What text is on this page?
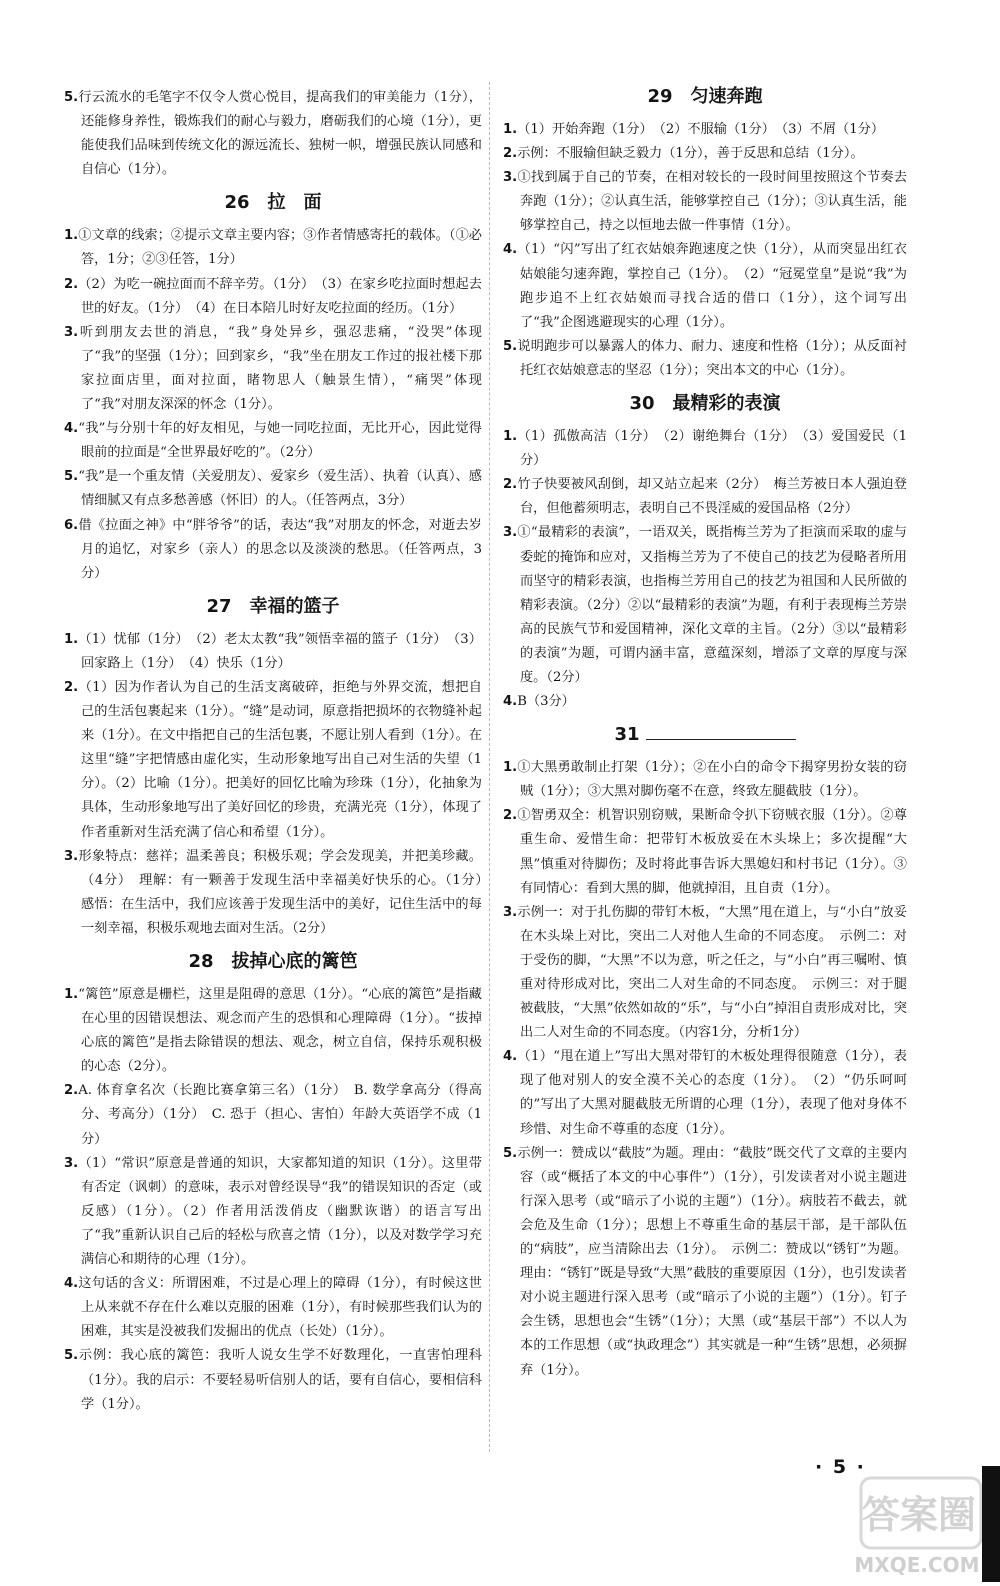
5.行云流水的毛笔字不仅令人赏心悦目，提高我们的审美能力（1分），还能修身养性，锻炼我们的耐心与毅力，磨砺我们的心境（1分），更能使我们品味到传统文化的源远流长、独树一帜，增强民族认同感和自信心（1分）。
26 拉　面
1.①文章的线索；②提示文章主要内容；③作者情感寄托的载体。（①必答，1分；②③任答，1分）
2.（2）为吃一碗拉面而不辞辛劳。（1分）　（3）在家乡吃拉面时想起去世的好友。（1分）　（4）在日本陪儿时好友吃拉面的经历。（1分）
3.听到朋友去世的消息，“我”身处异乡，强忍悲痛，“没哭”体现了“我”的坚强（1分）；回到家乡，“我”坐在朋友工作过的报社楼下那家拉面店里，面对拉面，睹物思人（触景生情），“痛哭”体现了“我”对朋友深深的怀念（1分）。
4.“我”与分别十年的好友相见，与她一同吃拉面，无比开心，因此觉得眼前的拉面是“全世界最好吃的”。（2分）
5.“我”是一个重友情（关爱朋友）、爱家乡（爱生活）、执着（认真）、感情细腻又有点多愁善感（怀旧）的人。（任答两点，3分）
6.借《拉面之神》中“胖爷爷”的话，表达“我”对朋友的怀念，对逝去岁月的追忆，对家乡（亲人）的思念以及淡淡的愁思。（任答两点，3分）
27 幸福的篮子
1.（1）忧郁（1分）　（2）老太太教“我”领悟幸福的篮子（1分）　（3）回家路上（1分）　（4）快乐（1分）
2.（1）因为作者认为自己的生活支离破碎，拒绝与外界交流，想把自己的生活包裹起来（1分）。“缝”是动词，原意指把损坏的衣物缝补起来（1分）。在文中指把自己的生活包裹，不愿让别人看到（1分）。在这里“缝”字把情感由虚化实，生动形象地写出自己对生活的失望（1分）。（2）比喻（1分）。把美好的回忆比喻为珍珠（1分），化抽象为具体，生动形象地写出了美好回忆的珍贵，充满光亮（1分），体现了作者重新对生活充满了信心和希望（1分）。
3.形象特点：慈祥；温柔善良；积极乐观；学会发现美，并把美珍藏。（4分）　理解：有一颗善于发现生活中幸福美好快乐的心。（1分）　感悟：在生活中，我们应该善于发现生活中的美好，记住生活中的每一刻幸福，积极乐观地去面对生活。（2分）
28 拔掉心底的篱笆
1.“篱笆”原意是栅栏，这里是阻碍的意思（1分）。“心底的篱笆”是指藏在心里的因错误想法、观念而产生的恐惧和心理障碍（1分）。“拔掉心底的篱笆”是指去除错误的想法、观念，树立自信，保持乐观积极的心态（2分）。
2.A. 体育拿名次（长跑比赛拿第三名）（1分）　B. 数学拿高分（得高分、考高分）（1分）　C. 恐于（担心、害怕）年龄大英语学不成（1分）
3.（1）“常识”原意是普通的知识，大家都知道的知识（1分）。这里带有否定（讽刺）的意味，表示对曾经误导“我”的错误知识的否定（或反感）（1分）。（2）作者用活泼俏皮（幽默诙谐）的语言写出了“我”重新认识自己后的轻松与欣喜之情（1分），以及对数学学习充满信心和期待的心理（1分）。
4.这句话的含义：所谓困难，不过是心理上的障碍（1分），有时候这世上从来就不存在什么难以克服的困难（1分），有时候那些我们认为的困难，其实是没被我们发掘出的优点（长处）（1分）。
5.示例：我心底的篱笆：我听人说女生学不好数理化，一直害怕理科（1分）。我的启示：不要轻易听信别人的话，要有自信心，要相信科学（1分）。
29 匀速奔跑
1.（1）开始奔跑（1分）　（2）不服输（1分）　（3）不屑（1分）
2.示例：不服输但缺乏毅力（1分），善于反思和总结（1分）。
3.①找到属于自己的节奏，在相对较长的一段时间里按照这个节奏去奔跑（1分）；②认真生活，能够掌控自己（1分）；③认真生活，能够掌控自己，持之以恒地去做一件事情（1分）。
4.（1）“闪”写出了红衣姑娘奔跑速度之快（1分），从而突显出红衣姑娘能匀速奔跑，掌控自己（1分）。　（2）“冠冕堂皇”是说“我”为跑步追不上红衣姑娘而寻找合适的借口（1分），这个词写出了“我”企图逃避现实的心理（1分）。
5.说明跑步可以暴露人的体力、耐力、速度和性格（1分）；从反面衬托红衣姑娘意志的坚忍（1分）；突出本文的中心（1分）。
30 最精彩的表演
1.（1）孤傲高洁（1分）　（2）谢绝舞台（1分）　（3）爱国爱民（1分）
2.竹子快要被风刮倒，却又站立起来（2分）　梅兰芳被日本人强迫登台，但他蓄须明志，表明自己不畏淫威的爱国品格（2分）
3.①“最精彩的表演”，一语双关，既指梅兰芳为了拒演而采取的虚与委蛇的掩饰和应对，又指梅兰芳为了不使自己的技艺为侵略者所用而坚守的精彩表演，也指梅兰芳用自己的技艺为祖国和人民所做的精彩表演。（2分）②以“最精彩的表演”为题，有利于表现梅兰芳崇高的民族气节和爱国精神，深化文章的主旨。（2分）③以“最精彩的表演”为题，可谓内涵丰富，意蕴深刻，增添了文章的厚度与深度。（2分）
4.B（3分）
31
1.①大黑勇敢制止打架（1分）；②在小白的命令下揭穿男扮女装的窃贼（1分）；③大黑对脚伤毫不在意，终致左腿截肢（1分）。
2.①智勇双全：机智识别窃贼，果断命令扒下窃贼衣服（1分）。②尊重生命、爱惜生命：把带钉木板放妥在木头垛上；多次提醒“大黑”慎重对待脚伤；及时将此事告诉大黑媳妇和村书记（1分）。③有同情心：看到大黑的脚，他就掉泪，且自责（1分）。
3.示例一：对于扎伤脚的带钉木板，“大黑”甩在道上，与“小白”放妥在木头垛上对比，突出二人对他人生命的不同态度。　示例二：对于受伤的脚，“大黑”不以为意，听之任之，与“小白”再三嘱咐、慎重对待形成对比，突出二人对生命的不同态度。　示例三：对于腿被截肢，“大黑”依然如故的“乐”，与“小白”掉泪自责形成对比，突出二人对生命的不同态度。（内容1分，分析1分）
4.（1）“甩在道上”写出大黑对带钉的木板处理得很随意（1分），表现了他对别人的安全漠不关心的态度（1分）。　（2）“仍乐呵呵的”写出了大黑对腿截肢无所谓的心理（1分），表现了他对身体不珍惜、对生命不尊重的态度（1分）。
5.示例一：赞成以“截肢”为题。理由：“截肢”既交代了文章的主要内容（或“概括了本文的中心事件”）（1分），引发读者对小说主题进行深入思考（或“暗示了小说的主题”）（1分）。病肢若不截去，就会危及生命（1分）；思想上不尊重生命的基层干部，是干部队伍的“病肢”，应当清除出去（1分）。　示例二：赞成以“锈钉”为题。理由：“锈钉”既是导致“大黑”截肢的重要原因（1分），也引发读者对小说主题进行深入思考（或“暗示了小说的主题”）（1分）。钉子会生锈，思想也会“生锈”（1分）；大黑（或“基层干部”）不以人为本的工作思想（或“执政理念”）其实就是一种“生锈”思想，必须摒弃（1分）。
· 5 ·
答案圈
MXQE.COM
